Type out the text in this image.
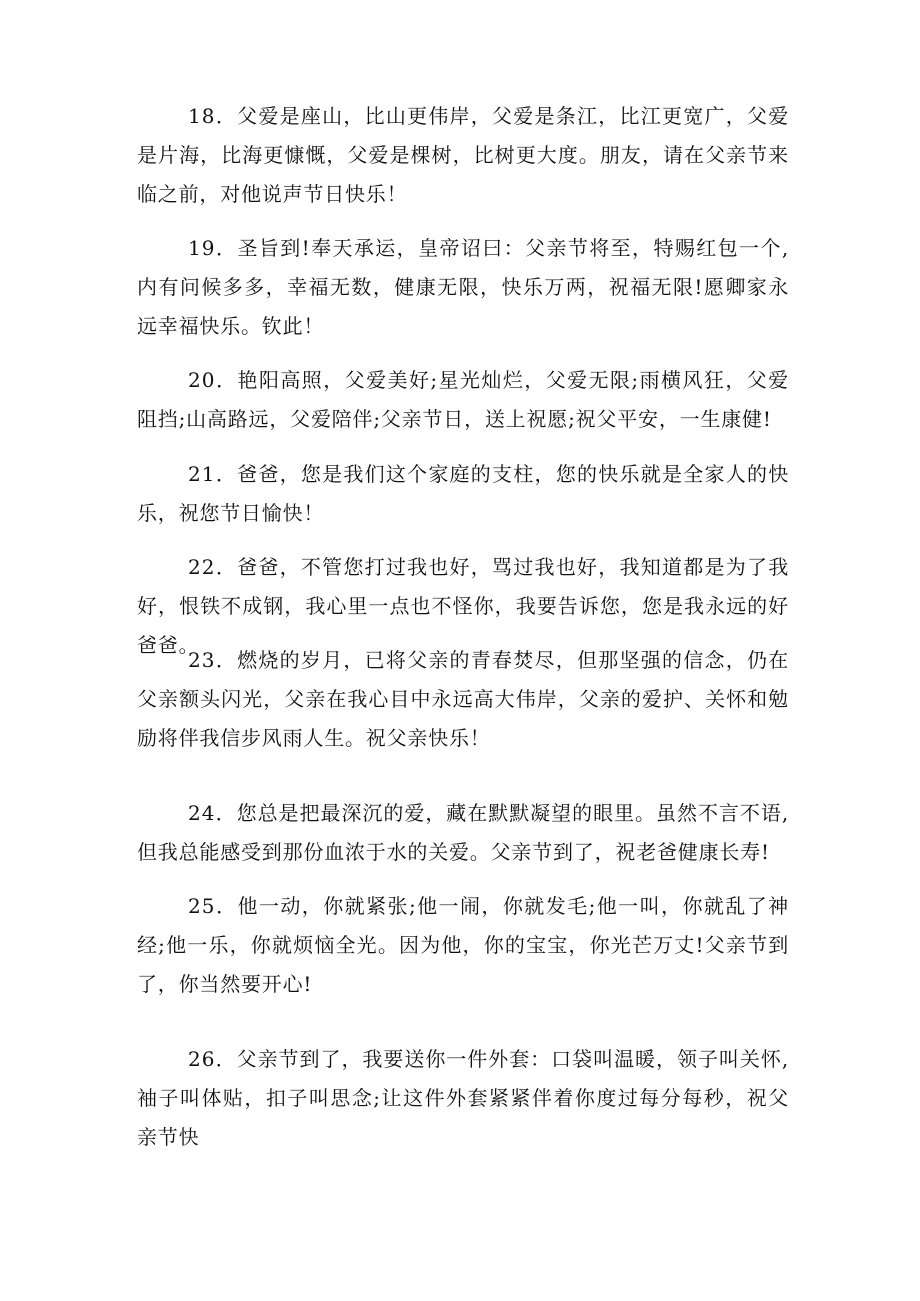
18．父爱是座山，比山更伟岸，父爱是条江，比江更宽广，父爱是片海，比海更慷慨，父爱是棵树，比树更大度。朋友，请在父亲节来临之前，对他说声节日快乐！

19．圣旨到!奉天承运，皇帝诏曰：父亲节将至，特赐红包一个,内有问候多多，幸福无数，健康无限，快乐万两，祝福无限!愿卿家永远幸福快乐。钦此！

20．艳阳高照，父爱美好;星光灿烂，父爱无限;雨横风狂，父爱阻挡;山高路远，父爱陪伴;父亲节日，送上祝愿;祝父平安，一生康健!

21．爸爸，您是我们这个家庭的支柱，您的快乐就是全家人的快乐，祝您节日愉快！

22．爸爸，不管您打过我也好，骂过我也好，我知道都是为了我好，恨铁不成钢，我心里一点也不怪你，我要告诉您，您是我永远的好爸爸。

23．燃烧的岁月，已将父亲的青春焚尽，但那坚强的信念，仍在父亲额头闪光，父亲在我心目中永远高大伟岸，父亲的爱护、关怀和勉励将伴我信步风雨人生。祝父亲快乐！

24．您总是把最深沉的爱，藏在默默凝望的眼里。虽然不言不语,但我总能感受到那份血浓于水的关爱。父亲节到了，祝老爸健康长寿!

25．他一动，你就紧张;他一闹，你就发毛;他一叫，你就乱了神经;他一乐，你就烦恼全光。因为他，你的宝宝，你光芒万丈!父亲节到了，你当然要开心!

26．父亲节到了，我要送你一件外套：口袋叫温暖，领子叫关怀,袖子叫体贴，扣子叫思念;让这件外套紧紧伴着你度过每分每秒，祝父亲节快
